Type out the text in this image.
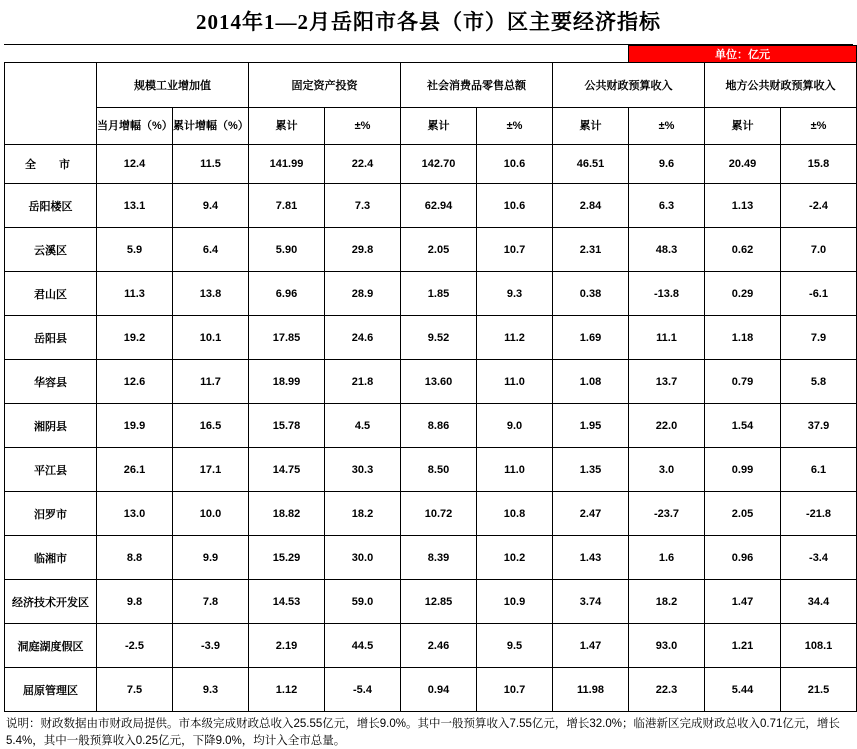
2014年1—2月岳阳市各县（市）区主要经济指标
								单位：亿元		
	规模工业增加值		固定资产投资		社会消费品零售总额		公共财政预算收入		地方公共财政预算收入	
	当月增幅（%）	累计增幅（%）	累计	±%	累计	±%	累计	±%	累计	±%
全　市	12.4	11.5	141.99	22.4	142.70	10.6	46.51	9.6	20.49	15.8
岳阳楼区	13.1	9.4	7.81	7.3	62.94	10.6	2.84	6.3	1.13	-2.4
云溪区	5.9	6.4	5.90	29.8	2.05	10.7	2.31	48.3	0.62	7.0
君山区	11.3	13.8	6.96	28.9	1.85	9.3	0.38	-13.8	0.29	-6.1
岳阳县	19.2	10.1	17.85	24.6	9.52	11.2	1.69	11.1	1.18	7.9
华容县	12.6	11.7	18.99	21.8	13.60	11.0	1.08	13.7	0.79	5.8
湘阴县	19.9	16.5	15.78	4.5	8.86	9.0	1.95	22.0	1.54	37.9
平江县	26.1	17.1	14.75	30.3	8.50	11.0	1.35	3.0	0.99	6.1
汨罗市	13.0	10.0	18.82	18.2	10.72	10.8	2.47	-23.7	2.05	-21.8
临湘市	8.8	9.9	15.29	30.0	8.39	10.2	1.43	1.6	0.96	-3.4
经济技术开发区	9.8	7.8	14.53	59.0	12.85	10.9	3.74	18.2	1.47	34.4
洞庭湖度假区	-2.5	-3.9	2.19	44.5	2.46	9.5	1.47	93.0	1.21	108.1
屈原管理区	7.5	9.3	1.12	-5.4	0.94	10.7	11.98	22.3	5.44	21.5
说明：财政数据由市财政局提供。市本级完成财政总收入25.55亿元，增长9.0%。其中一般预算收入7.55亿元，增长32.0%；临港新区完成财政总收入0.71亿元，增长5.4%，其中一般预算收入0.25亿元，下降9.0%，均计入全市总量。
